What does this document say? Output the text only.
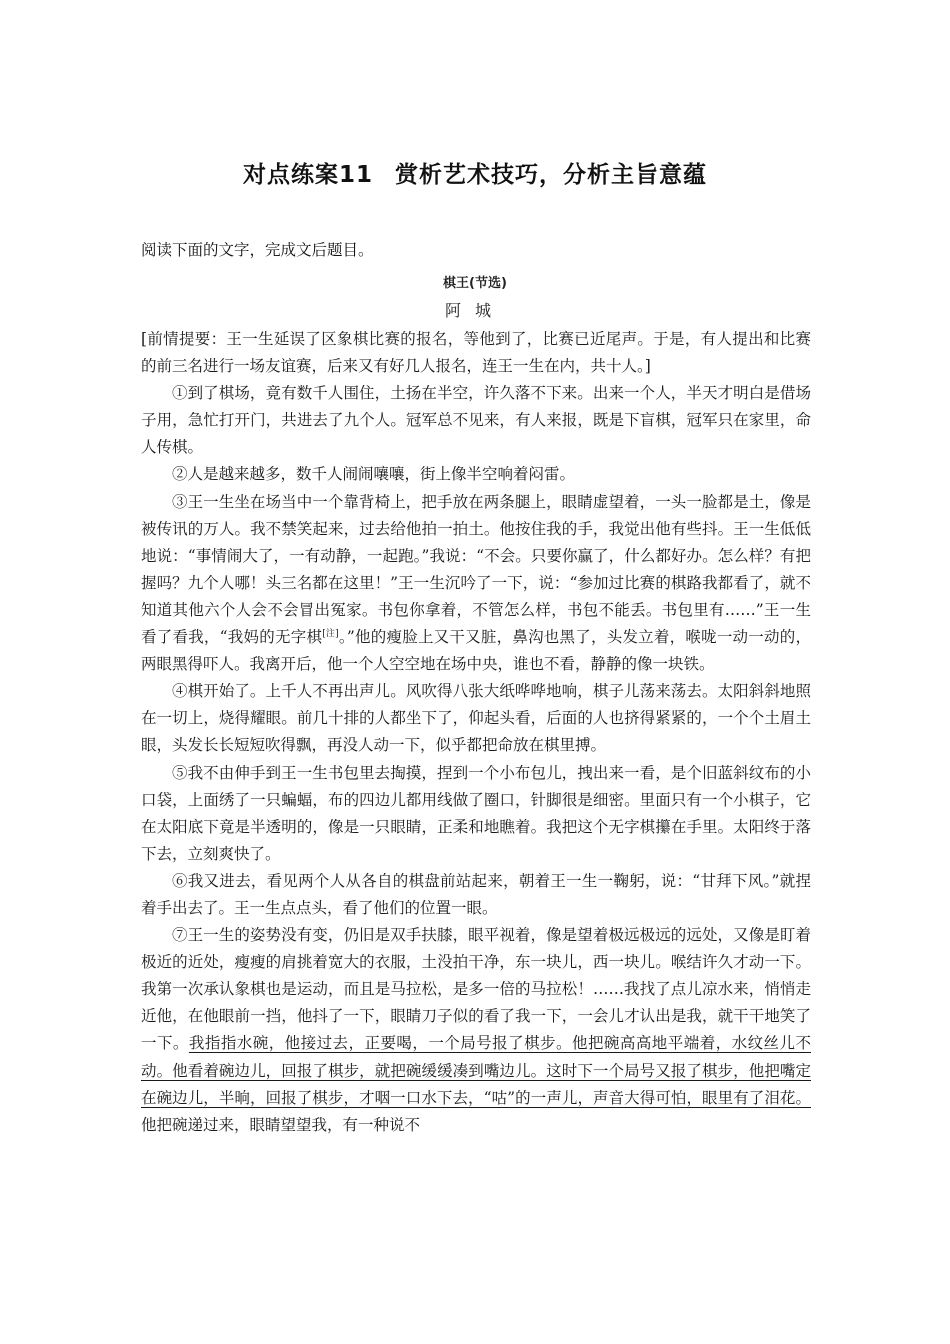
对点练案11 赏析艺术技巧，分析主旨意蕴
阅读下面的文字，完成文后题目。
棋王(节选)
阿城

[前情提要：王一生延误了区象棋比赛的报名，等他到了，比赛已近尾声。于是，有人提出和比赛的前三名进行一场友谊赛，后来又有好几人报名，连王一生在内，共十人。]

①到了棋场，竟有数千人围住，土扬在半空，许久落不下来。出来一个人，半天才明白是借场子用，急忙打开门，共进去了九个人。冠军总不见来，有人来报，既是下盲棋，冠军只在家里，命人传棋。

②人是越来越多，数千人闹闹嚷嚷，街上像半空响着闷雷。

③王一生坐在场当中一个靠背椅上，把手放在两条腿上，眼睛虚望着，一头一脸都是土，像是被传讯的万人。我不禁笑起来，过去给他拍一拍土。他按住我的手，我觉出他有些抖。王一生低低地说：“事情闹大了，一有动静，一起跑。”我说：“不会。只要你赢了，什么都好办。怎么样？有把握吗？九个人哪！头三名都在这里！”王一生沉吟了一下，说：“参加过比赛的棋路我都看了，就不知道其他六个人会不会冒出冤家。书包你拿着，不管怎么样，书包不能丢。书包里有……”王一生看了看我，“我妈的无字棋[注]。”他的瘦脸上又干又脏，鼻沟也黑了，头发立着，喉咙一动一动的，两眼黑得吓人。我离开后，他一个人空空地在场中央，谁也不看，静静的像一块铁。

④棋开始了。上千人不再出声儿。风吹得八张大纸哗哗地响，棋子儿荡来荡去。太阳斜斜地照在一切上，烧得耀眼。前几十排的人都坐下了，仰起头看，后面的人也挤得紧紧的，一个个土眉土眼，头发长长短短吹得飘，再没人动一下，似乎都把命放在棋里搏。

⑤我不由伸手到王一生书包里去掏摸，捏到一个小布包儿，拽出来一看，是个旧蓝斜纹布的小口袋，上面绣了一只蝙蝠，布的四边儿都用线做了圈口，针脚很是细密。里面只有一个小棋子，它在太阳底下竟是半透明的，像是一只眼睛，正柔和地瞧着。我把这个无字棋攥在手里。太阳终于落下去，立刻爽快了。

⑥我又进去，看见两个人从各自的棋盘前站起来，朝着王一生一鞠躬，说：“甘拜下风。”就捏着手出去了。王一生点点头，看了他们的位置一眼。

⑦王一生的姿势没有变，仍旧是双手扶膝，眼平视着，像是望着极远极远的远处，又像是盯着极近的近处，瘦瘦的肩挑着宽大的衣服，土没拍干净，东一块儿，西一块儿。喉结许久才动一下。我第一次承认象棋也是运动，而且是马拉松，是多一倍的马拉松！……我找了点儿凉水来，悄悄走近他，在他眼前一挡，他抖了一下，眼睛刀子似的看了我一下，一会儿才认出是我，就干干地笑了一下。我指指水碗，他接过去，正要喝，一个局号报了棋步。他把碗高高地平端着，水纹丝儿不动。他看着碗边儿，回报了棋步，就把碗缓缓凑到嘴边儿。这时下一个局号又报了棋步，他把嘴定在碗边儿，半晌，回报了棋步，才咽一口水下去，“咕”的一声儿，声音大得可怕，眼里有了泪花。他把碗递过来，眼睛望望我，有一种说不
